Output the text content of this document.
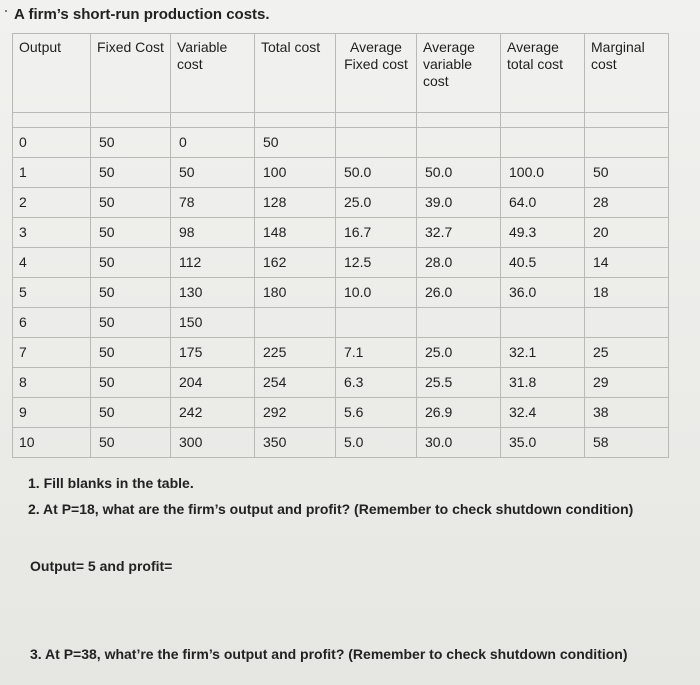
A firm’s short-run production costs.
Output	Fixed Cost	Variable cost	Total cost	Average Fixed cost	Average variable cost	Average total cost	Marginal cost

0	50	0	50				
1	50	50	100	50.0	50.0	100.0	50
2	50	78	128	25.0	39.0	64.0	28
3	50	98	148	16.7	32.7	49.3	20
4	50	112	162	12.5	28.0	40.5	14
5	50	130	180	10.0	26.0	36.0	18
6	50	150					
7	50	175	225	7.1	25.0	32.1	25
8	50	204	254	6.3	25.5	31.8	29
9	50	242	292	5.6	26.9	32.4	38
10	50	300	350	5.0	30.0	35.0	58
1. Fill blanks in the table.
2. At P=18, what are the firm’s output and profit? (Remember to check shutdown condition)
Output= 5 and profit=
3. At P=38, what’re the firm’s output and profit? (Remember to check shutdown condition)
